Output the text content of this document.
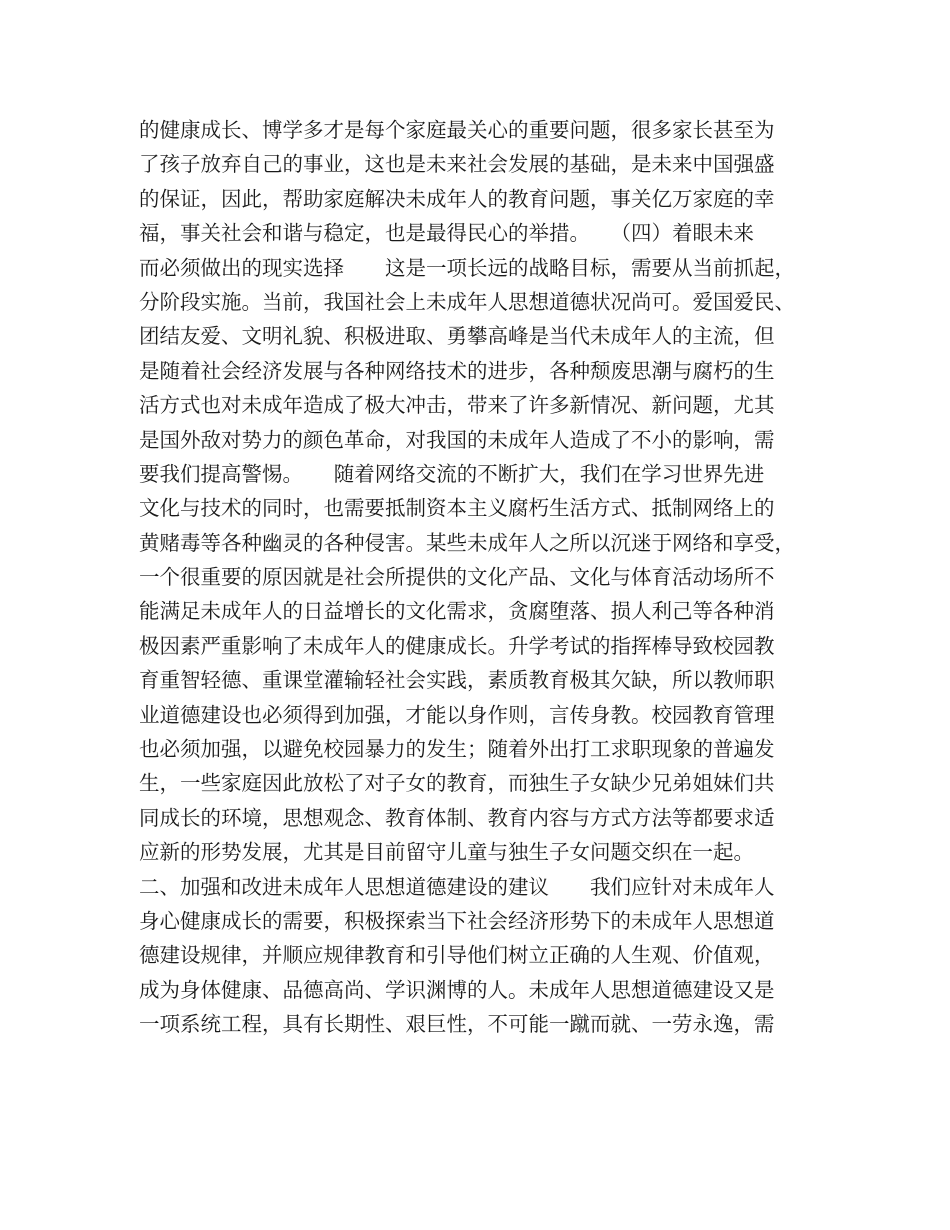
的健康成长、博学多才是每个家庭最关心的重要问题，很多家长甚至为
了孩子放弃自己的事业，这也是未来社会发展的基础，是未来中国强盛
的保证，因此，帮助家庭解决未成年人的教育问题，事关亿万家庭的幸
福，事关社会和谐与稳定，也是最得民心的举措。　　（四）着眼未来
而必须做出的现实选择　　这是一项长远的战略目标，需要从当前抓起，
分阶段实施。当前，我国社会上未成年人思想道德状况尚可。爱国爱民、
团结友爱、文明礼貌、积极进取、勇攀高峰是当代未成年人的主流，但
是随着社会经济发展与各种网络技术的进步，各种颓废思潮与腐朽的生
活方式也对未成年造成了极大冲击，带来了许多新情况、新问题，尤其
是国外敌对势力的颜色革命，对我国的未成年人造成了不小的影响，需
要我们提高警惕。　　随着网络交流的不断扩大，我们在学习世界先进
文化与技术的同时，也需要抵制资本主义腐朽生活方式、抵制网络上的
黄赌毒等各种幽灵的各种侵害。某些未成年人之所以沉迷于网络和享受，
一个很重要的原因就是社会所提供的文化产品、文化与体育活动场所不
能满足未成年人的日益增长的文化需求，贪腐堕落、损人利己等各种消
极因素严重影响了未成年人的健康成长。升学考试的指挥棒导致校园教
育重智轻德、重课堂灌输轻社会实践，素质教育极其欠缺，所以教师职
业道德建设也必须得到加强，才能以身作则，言传身教。校园教育管理
也必须加强，以避免校园暴力的发生；随着外出打工求职现象的普遍发
生，一些家庭因此放松了对子女的教育，而独生子女缺少兄弟姐妹们共
同成长的环境，思想观念、教育体制、教育内容与方式方法等都要求适
应新的形势发展，尤其是目前留守儿童与独生子女问题交织在一起。
二、加强和改进未成年人思想道德建设的建议　　我们应针对未成年人
身心健康成长的需要，积极探索当下社会经济形势下的未成年人思想道
德建设规律，并顺应规律教育和引导他们树立正确的人生观、价值观，
成为身体健康、品德高尚、学识渊博的人。未成年人思想道德建设又是
一项系统工程，具有长期性、艰巨性，不可能一蹴而就、一劳永逸，需
